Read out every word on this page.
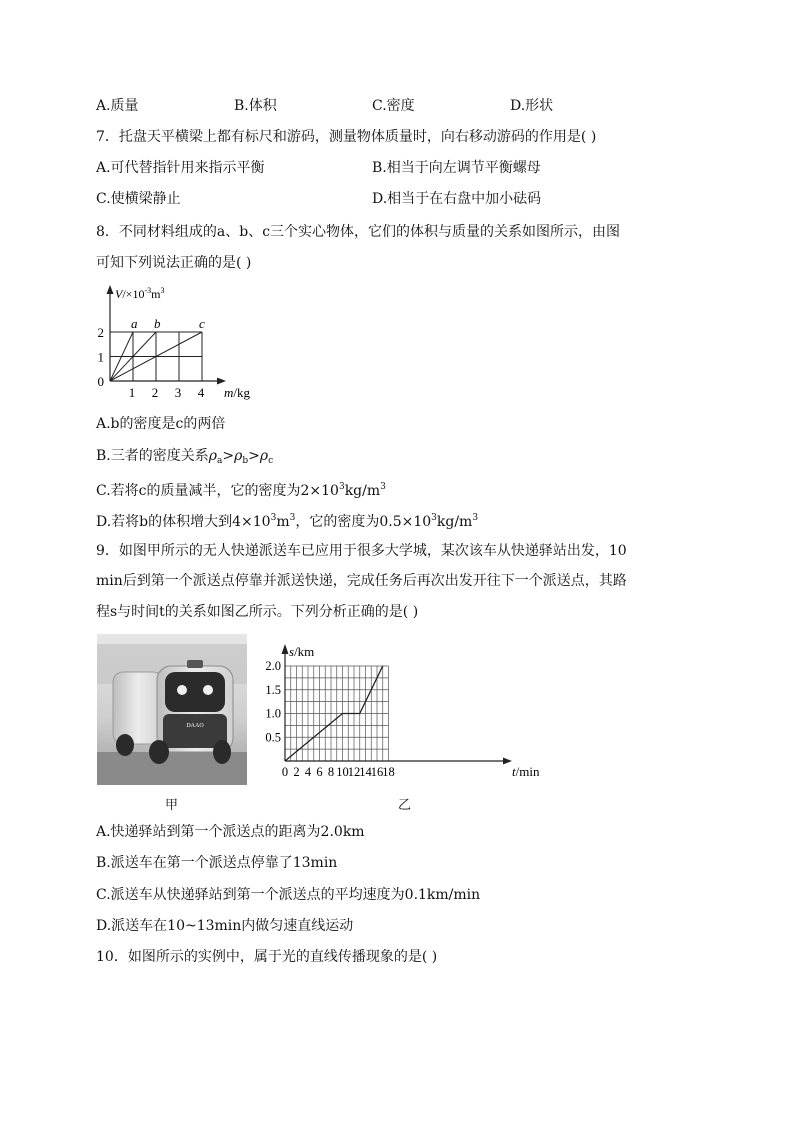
A.质量	B.体积	C.密度	D.形状
7．托盘天平横梁上都有标尺和游码，测量物体质量时，向右移动游码的作用是( )
A.可代替指针用来指示平衡	B.相当于向左调节平衡螺母
C.使横梁静止	D.相当于在右盘中加小砝码
8．不同材料组成的a、b、c三个实心物体，它们的体积与质量的关系如图所示，由图
可知下列说法正确的是( )
a b	c
1 2 3 4
0
1
2
$V/\times 10^{-3}m^3$
m/kg
A.b的密度是c的两倍
B.三者的密度关系$\rho_a>\rho_b>\rho_c$
C.若将c的质量减半，它的密度为$2\times 10^3kg/m^3$
D.若将b的体积增大到$4\times 10^3m^3$，它的密度为$0.5\times 10^3kg/m^3$
9．如图甲所示的无人快递派送车已应用于很多大学城，某次该车从快递驿站出发，10
min后到第一个派送点停靠并派送快递，完成任务后再次出发开往下一个派送点，其路
程s与时间t的关系如图乙所示。下列分析正确的是( )
DAAO
甲
0 2 4 6 8 10 12 14 16 18
0.5
1.0
1.5
2.0
s/km
t/min
乙
A.快递驿站到第一个派送点的距离为2.0km
B.派送车在第一个派送点停靠了13min
C.派送车从快递驿站到第一个派送点的平均速度为0.1km/min
D.派送车在10~13min内做匀速直线运动
10．如图所示的实例中，属于光的直线传播现象的是( )
